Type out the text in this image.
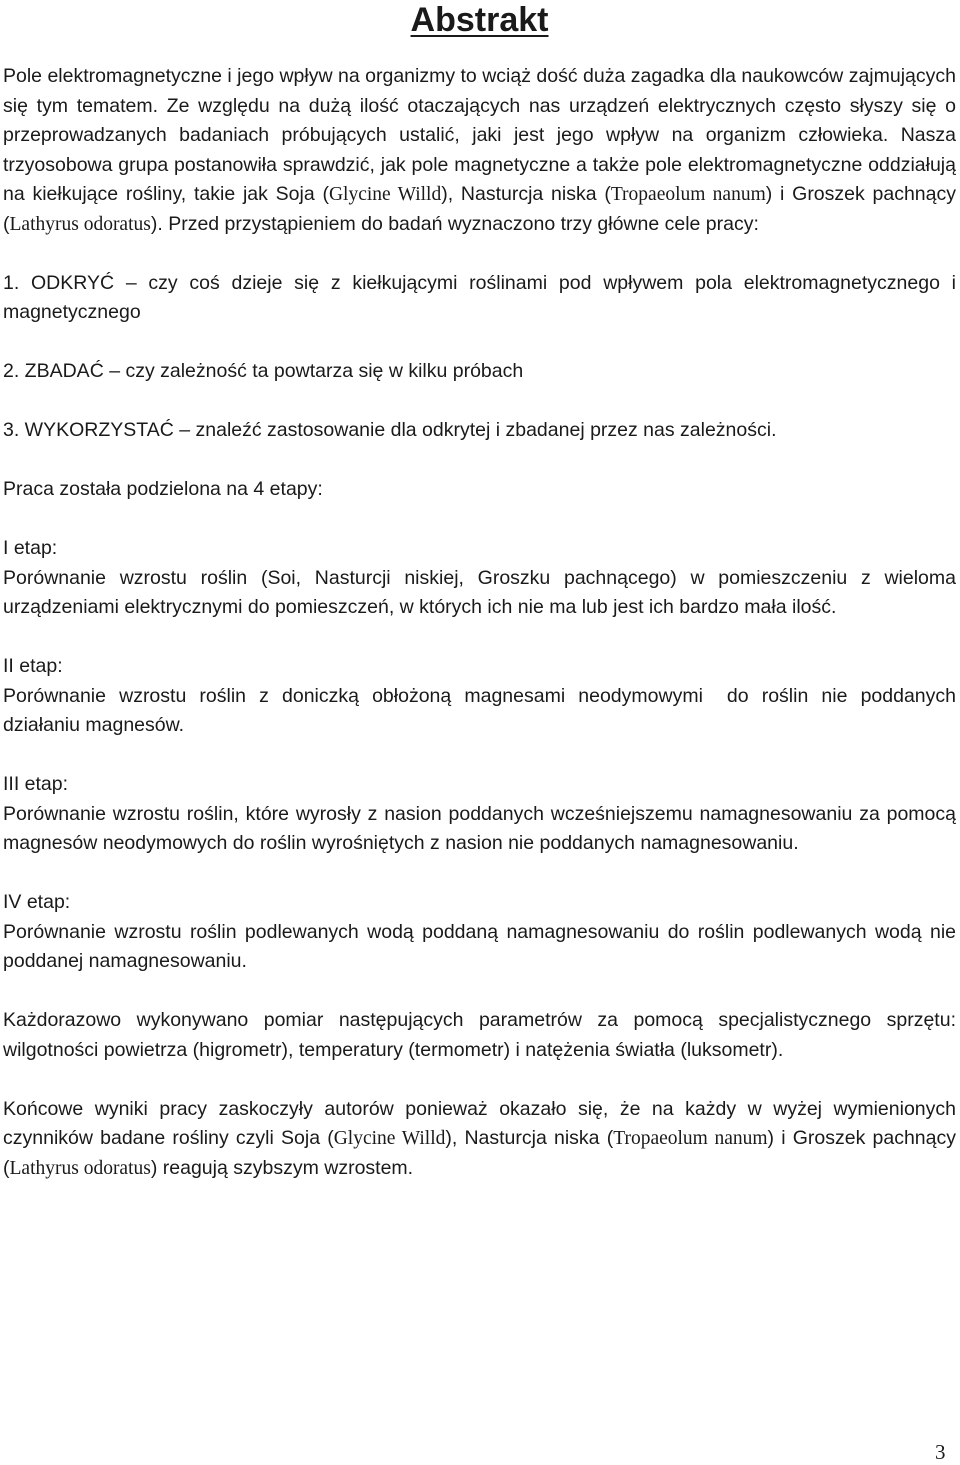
Abstrakt

Pole elektromagnetyczne i jego wpływ na organizmy to wciąż dość duża zagadka dla naukowców zajmujących się tym tematem. Ze względu na dużą ilość otaczających nas urządzeń elektrycznych często słyszy się o przeprowadzanych badaniach próbujących ustalić, jaki jest jego wpływ na organizm człowieka. Nasza trzyosobowa grupa postanowiła sprawdzić, jak pole magnetyczne a także pole elektromagnetyczne oddziałują na kiełkujące rośliny, takie jak Soja (Glycine Willd), Nasturcja niska (Tropaeolum nanum) i Groszek pachnący (Lathyrus odoratus). Przed przystąpieniem do badań wyznaczono trzy główne cele pracy:

1. ODKRYĆ – czy coś dzieje się z kiełkującymi roślinami pod wpływem pola elektromagnetycznego i magnetycznego

2. ZBADAĆ – czy zależność ta powtarza się w kilku próbach

3. WYKORZYSTAĆ – znaleźć zastosowanie dla odkrytej i zbadanej przez nas zależności.

Praca została podzielona na 4 etapy:

I etap:

Porównanie wzrostu roślin (Soi, Nasturcji niskiej, Groszku pachnącego) w pomieszczeniu z wieloma urządzeniami elektrycznymi do pomieszczeń, w których ich nie ma lub jest ich bardzo mała ilość.

II etap:

Porównanie wzrostu roślin z doniczką obłożoną magnesami neodymowymi do roślin nie poddanych działaniu magnesów.

III etap:

Porównanie wzrostu roślin, które wyrosły z nasion poddanych wcześniejszemu namagnesowaniu za pomocą magnesów neodymowych do roślin wyrośniętych z nasion nie poddanych namagnesowaniu.

IV etap:

Porównanie wzrostu roślin podlewanych wodą poddaną namagnesowaniu do roślin podlewanych wodą nie poddanej namagnesowaniu.

Każdorazowo wykonywano pomiar następujących parametrów za pomocą specjalistycznego sprzętu: wilgotności powietrza (higrometr), temperatury (termometr) i natężenia światła (luksometr).

Końcowe wyniki pracy zaskoczyły autorów ponieważ okazało się, że na każdy w wyżej wymienionych czynników badane rośliny czyli Soja (Glycine Willd), Nasturcja niska (Tropaeolum nanum) i Groszek pachnący (Lathyrus odoratus) reagują szybszym wzrostem.

3
